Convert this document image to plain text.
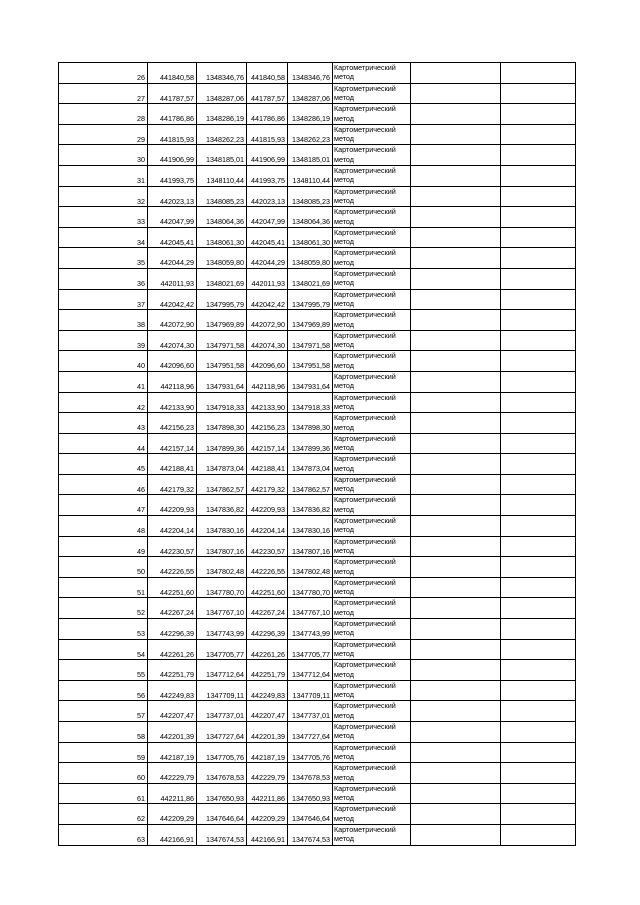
26	441840,58	1348346,76	441840,58	1348346,76	Картометрический метод		
27	441787,57	1348287,06	441787,57	1348287,06	Картометрический метод		
28	441786,86	1348286,19	441786,86	1348286,19	Картометрический метод		
29	441815,93	1348262,23	441815,93	1348262,23	Картометрический метод		
30	441906,99	1348185,01	441906,99	1348185,01	Картометрический метод		
31	441993,75	1348110,44	441993,75	1348110,44	Картометрический метод		
32	442023,13	1348085,23	442023,13	1348085,23	Картометрический метод		
33	442047,99	1348064,36	442047,99	1348064,36	Картометрический метод		
34	442045,41	1348061,30	442045,41	1348061,30	Картометрический метод		
35	442044,29	1348059,80	442044,29	1348059,80	Картометрический метод		
36	442011,93	1348021,69	442011,93	1348021,69	Картометрический метод		
37	442042,42	1347995,79	442042,42	1347995,79	Картометрический метод		
38	442072,90	1347969,89	442072,90	1347969,89	Картометрический метод		
39	442074,30	1347971,58	442074,30	1347971,58	Картометрический метод		
40	442096,60	1347951,58	442096,60	1347951,58	Картометрический метод		
41	442118,96	1347931,64	442118,96	1347931,64	Картометрический метод		
42	442133,90	1347918,33	442133,90	1347918,33	Картометрический метод		
43	442156,23	1347898,30	442156,23	1347898,30	Картометрический метод		
44	442157,14	1347899,36	442157,14	1347899,36	Картометрический метод		
45	442188,41	1347873,04	442188,41	1347873,04	Картометрический метод		
46	442179,32	1347862,57	442179,32	1347862,57	Картометрический метод		
47	442209,93	1347836,82	442209,93	1347836,82	Картометрический метод		
48	442204,14	1347830,16	442204,14	1347830,16	Картометрический метод		
49	442230,57	1347807,16	442230,57	1347807,16	Картометрический метод		
50	442226,55	1347802,48	442226,55	1347802,48	Картометрический метод		
51	442251,60	1347780,70	442251,60	1347780,70	Картометрический метод		
52	442267,24	1347767,10	442267,24	1347767,10	Картометрический метод		
53	442296,39	1347743,99	442296,39	1347743,99	Картометрический метод		
54	442261,26	1347705,77	442261,26	1347705,77	Картометрический метод		
55	442251,79	1347712,64	442251,79	1347712,64	Картометрический метод		
56	442249,83	1347709,11	442249,83	1347709,11	Картометрический метод		
57	442207,47	1347737,01	442207,47	1347737,01	Картометрический метод		
58	442201,39	1347727,64	442201,39	1347727,64	Картометрический метод		
59	442187,19	1347705,76	442187,19	1347705,76	Картометрический метод		
60	442229,79	1347678,53	442229,79	1347678,53	Картометрический метод		
61	442211,86	1347650,93	442211,86	1347650,93	Картометрический метод		
62	442209,29	1347646,64	442209,29	1347646,64	Картометрический метод		
63	442166,91	1347674,53	442166,91	1347674,53	Картометрический метод		
